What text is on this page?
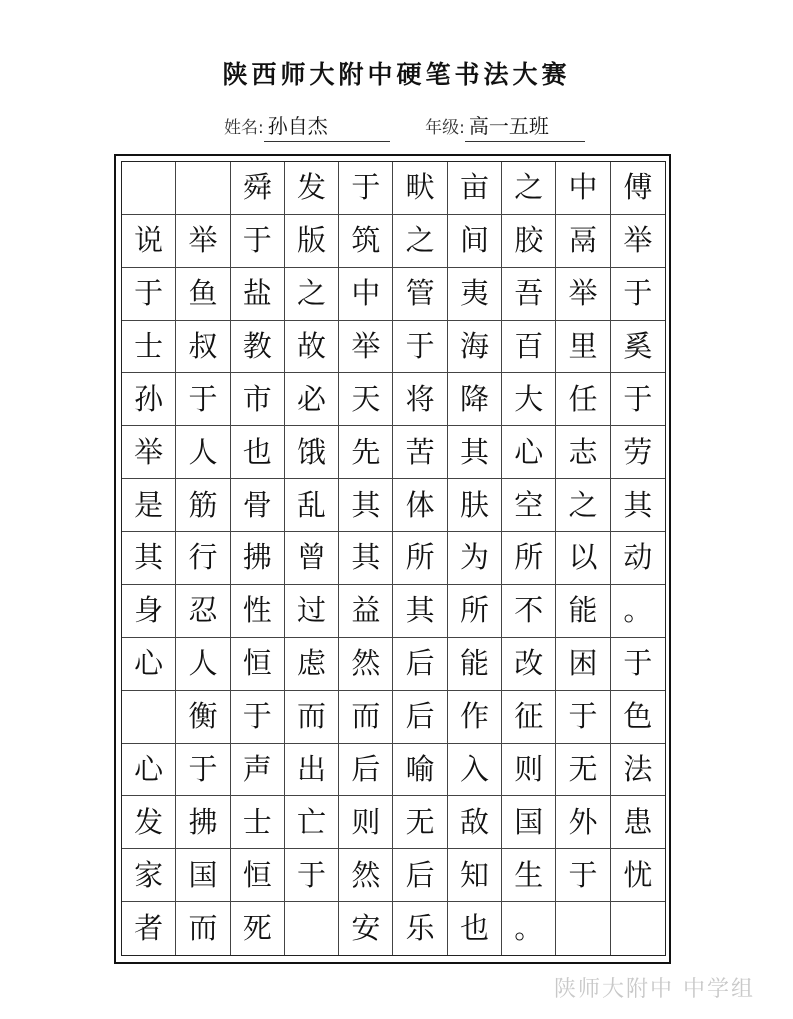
陕西师大附中硬笔书法大赛
姓名: 孙自杰	年级: 高一五班
舜 发 于 畎 亩 之 中 傅
说 举 于 版 筑 之 间 胶 鬲 举
于 鱼 盐 之 中 管 夷 吾 举 于
士 叔 教 故 举 于 海 百 里 奚
孙 于 市 必 天 将 降 大 任 于
举 人 也 饿 先 苦 其 心 志 劳
是 筋 骨 乱 其 体 肤 空 之 其
其 行 拂 曾 其 所 为 所 以 动
身 忍 性 过 益 其 所 不 能 。
心 人 恒 虑 然 后 能 改 困 于
衡 于 而 而 后 作 征 于 色
心 于 声 出 后 喻 入 则 无 法
发 拂 士 亡 则 无 敌 国 外 患
家 国 恒 于 然 后 知 生 于 忧
者 而 死	安 乐 也 。
陕师大附中 中学组
